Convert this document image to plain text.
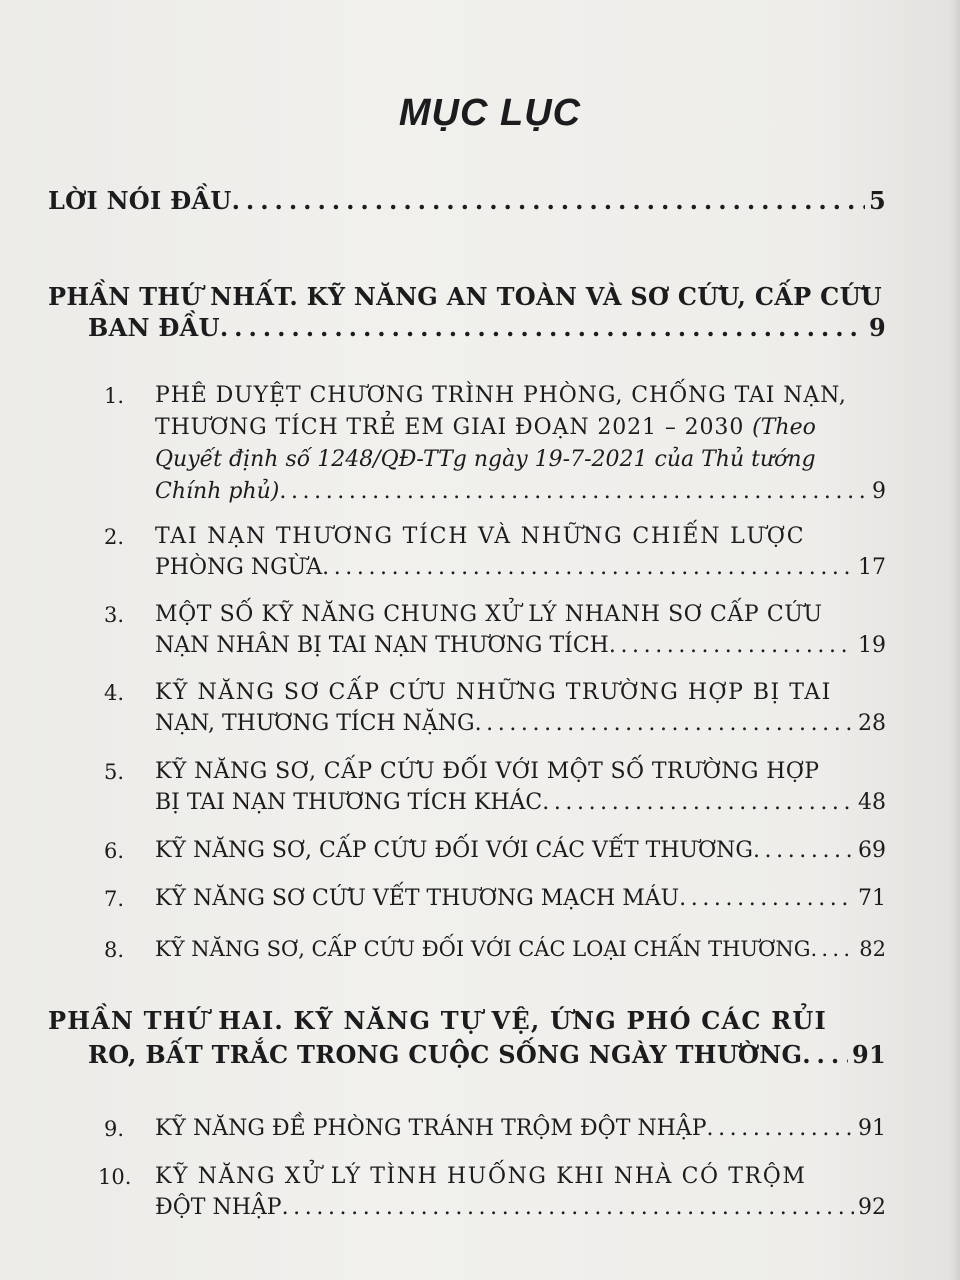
MỤC LỤC
LỜI NÓI ĐẦU . . .	5
PHẦN THỨ NHẤT. KỸ NĂNG AN TOÀN VÀ SƠ CỨU, CẤP CỨU
BAN ĐẦU . . .	9
1. PHÊ DUYỆT CHƯƠNG TRÌNH PHÒNG, CHỐNG TAI NẠN,
THƯƠNG TÍCH TRẺ EM GIAI ĐOẠN 2021 – 2030 (Theo
Quyết định số 1248/QĐ-TTg ngày 19-7-2021 của Thủ tướng
Chính phủ) . . .	9
2. TAI NẠN THƯƠNG TÍCH VÀ NHỮNG CHIẾN LƯỢC
PHÒNG NGỪA . . .	17
3. MỘT SỐ KỸ NĂNG CHUNG XỬ LÝ NHANH SƠ CẤP CỨU
NẠN NHÂN BỊ TAI NẠN THƯƠNG TÍCH . . .	19
4. KỸ NĂNG SƠ CẤP CỨU NHỮNG TRƯỜNG HỢP BỊ TAI
NẠN, THƯƠNG TÍCH NẶNG . . .	28
5. KỸ NĂNG SƠ, CẤP CỨU ĐỐI VỚI MỘT SỐ TRƯỜNG HỢP
BỊ TAI NẠN THƯƠNG TÍCH KHÁC . . .	48
6. KỸ NĂNG SƠ, CẤP CỨU ĐỐI VỚI CÁC VẾT THƯƠNG . . .	69
7. KỸ NĂNG SƠ CỨU VẾT THƯƠNG MẠCH MÁU . . .	71
8. KỸ NĂNG SƠ, CẤP CỨU ĐỐI VỚI CÁC LOẠI CHẤN THƯƠNG . . . 82
PHẦN THỨ HAI. KỸ NĂNG TỰ VỆ, ỨNG PHÓ CÁC RỦI
RO, BẤT TRẮC TRONG CUỘC SỐNG NGÀY THƯỜNG . . . 91
9. KỸ NĂNG ĐỀ PHÒNG TRÁNH TRỘM ĐỘT NHẬP . . .	91
10. KỸ NĂNG XỬ LÝ TÌNH HUỐNG KHI NHÀ CÓ TRỘM
ĐỘT NHẬP . . .	92
